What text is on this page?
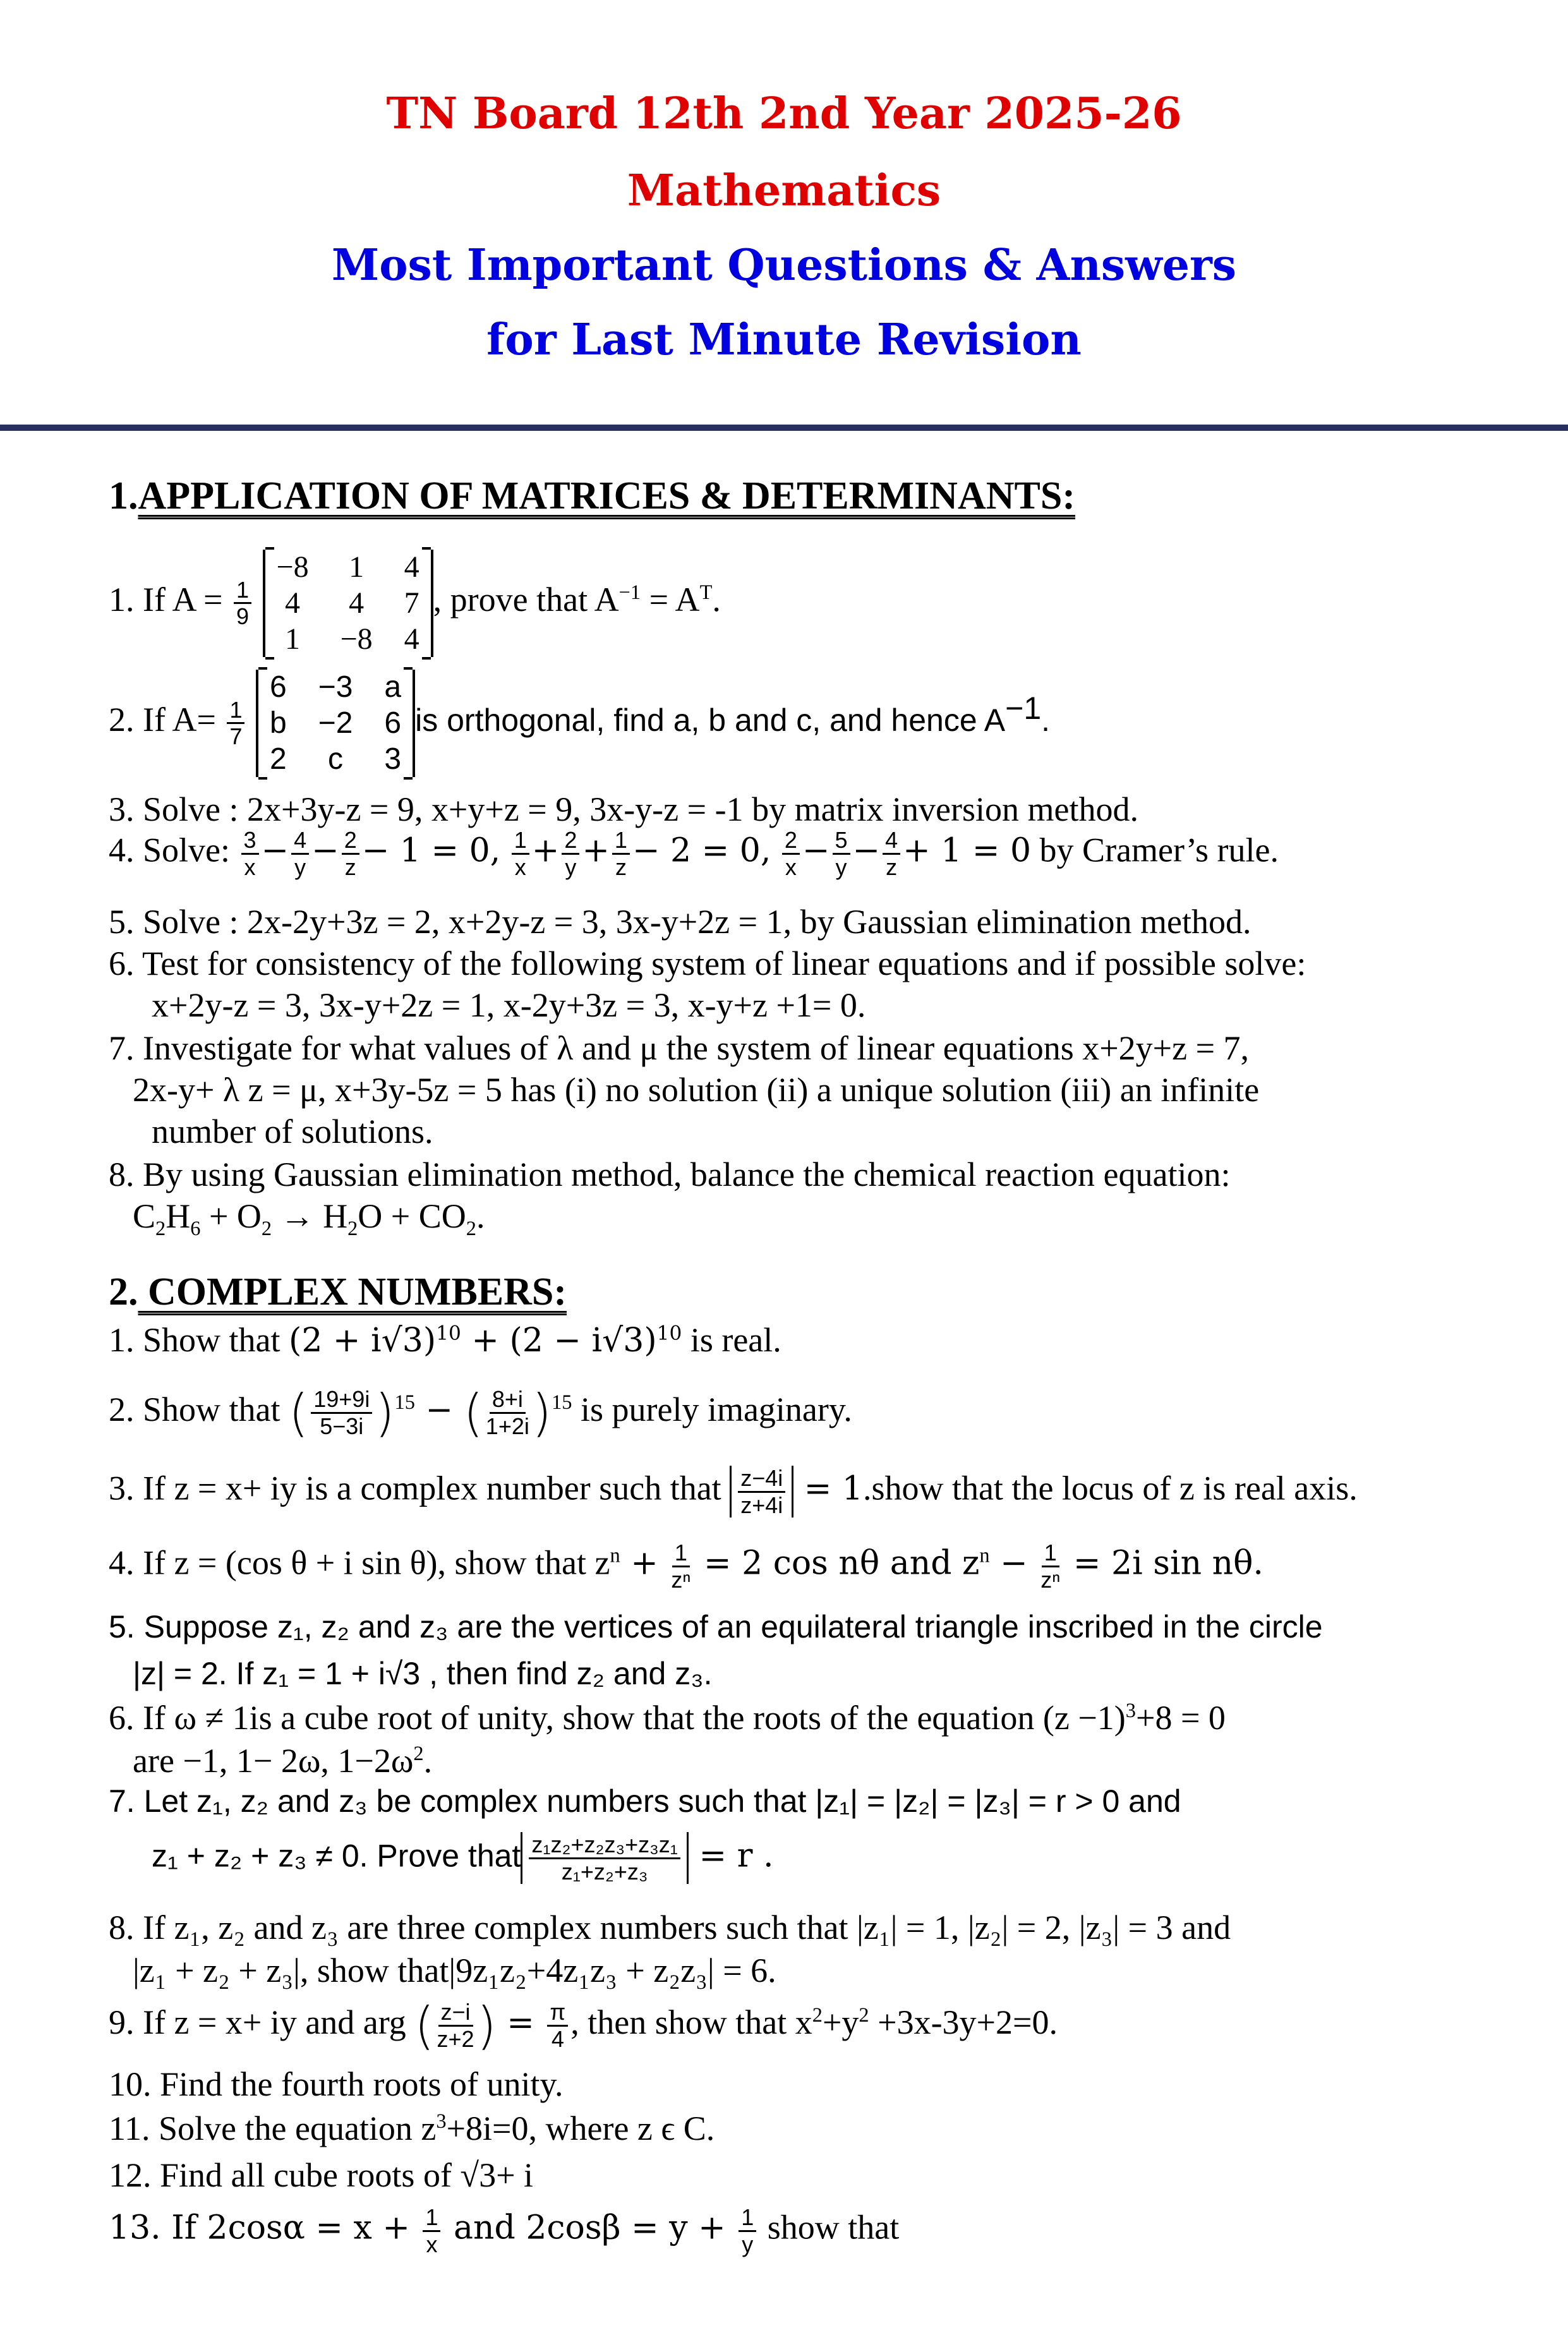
TN Board 12th 2nd Year 2025-26
Mathematics
Most Important Questions & Answers
for Last Minute Revision
1.APPLICATION OF MATRICES & DETERMINANTS:
1. If $A = \frac{1}{9}$

−8 1 4
4 4 7
1 −8 4
, prove that $A^{-1} = A^T$.
2. If $A= \frac{1}{7}$

6 −3 a
b −2 6
2	c	3
is orthogonal, find a, b and c, and hence $A^{-1}$.
3. Solve : 2x+3y-z = 9, x+y+z = 9, 3x-y-z = -1 by matrix inversion method.
4. Solve: $\frac{3}{x} - \frac{4}{y} - \frac{2}{z} - 1 = 0$, $\frac{1}{x} + \frac{2}{y} + \frac{1}{z} - 2 = 0$, $\frac{2}{x} - \frac{5}{y} - \frac{4}{z} + 1 = 0$ by Cramer’s rule.
5. Solve : 2x-2y+3z = 2, x+2y-z = 3, 3x-y+2z = 1, by Gaussian elimination method.
6. Test for consistency of the following system of linear equations and if possible solve:
x+2y-z = 3, 3x-y+2z = 1, x-2y+3z = 3, x-y+z +1= 0.
7. Investigate for what values of λ and μ the system of linear equations x+2y+z = 7,
2x-y+ λ z = μ, x+3y-5z = 5 has (i) no solution (ii) a unique solution (iii) an infinite
number of solutions.
8. By using Gaussian elimination method, balance the chemical reaction equation:
$C_2H_6 + O_2 \to H_2O + CO_2$.
2. COMPLEX NUMBERS:
1. Show that $(2 + i√3)^{10} + (2 - i√3)^{10}$ is real.
2. Show that ( $\frac{19+9i}{5-3i} )^{15}$ − ( $\frac{8+i}{1+2i} )^{15}$ is purely imaginary.
3. If z = x+ iy is a complex number such that $\frac{z-4i}{z+4i}$ = 1.show that the locus of z is real axis.
4. If z = (cos θ + i sin θ), show that $z^n + \frac{1}{\text{zⁿ}} = 2$ cos nθ and $z^n - \frac{1}{\text{zⁿ}} = 2i$ sin nθ.
5. Suppose z₁, z₂ and z₃ are the vertices of an equilateral triangle inscribed in the circle
|z| = 2. If z₁ = 1 + i√3 , then find z₂ and z₃.
6. If ω ≠ 1is a cube root of unity, show that the roots of the equation $(z -1)^3+8 = 0$
are −1, 1− 2ω, $1-2\omega^2$.
7. Let z₁, z₂ and z₃ be complex numbers such that |z₁| = |z₂| = |z₃| = r > 0 and
z₁ + z₂ + z₃ ≠ 0. Prove that $\frac{\text{z₁z₂+z₂z₃+z₃z₁}}{\text{z₁+z₂+z₃}} = r$ .
8. If z₁, z₂ and z₃ are three complex numbers such that |z₁| = 1, |z₂| = 2, |z₃| = 3 and
|z₁ + z₂ + z₃|, show that|9z₁z₂+4z₁z₃ + z₂z₃| = 6.
9. If z = x+ iy and arg ( $\frac{z-i}{z+2}$ ) = $\frac{\pi}{4}$ , then show that $x^2+y^2 +3x-3y+2=0$.
10. Find the fourth roots of unity.
11. Solve the equation $z^3+8i=0$, where z ϵ C.
12. Find all cube roots of √3+ i
13. If $2\cos\alpha = x + \frac{1}{x}$ and $2\cos\beta = y + \frac{1}{y}$ show that
